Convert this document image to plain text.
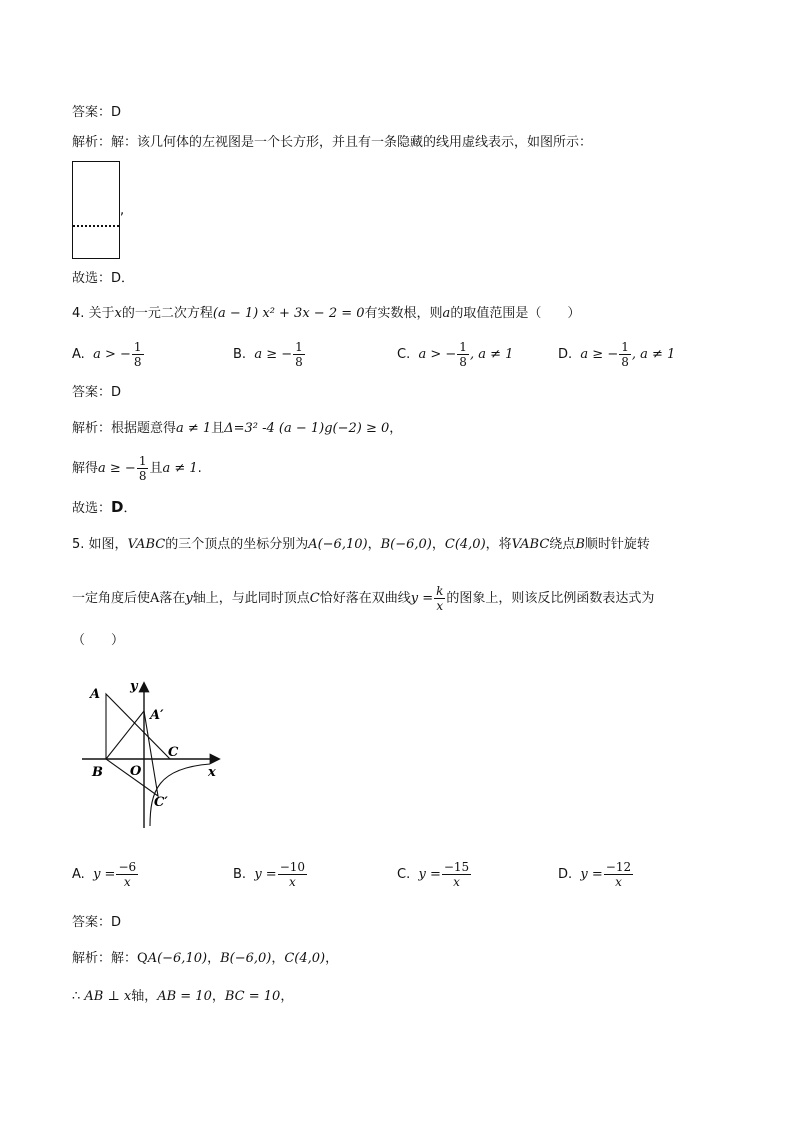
答案：D
解析：解：该几何体的左视图是一个长方形，并且有一条隐藏的线用虚线表示，如图所示：
,
故选：D．
4. 关于x的一元二次方程(a − 1) x² + 3x − 2 = 0有实数根，则a的取值范围是（　　）
A. a > − $\frac{1}{8}$	B. a ≥ − $\frac{1}{8}$	C. a > − $\frac{1}{8}$ , a ≠ 1	D. a ≥ − $\frac{1}{8}$ , a ≠ 1
答案：D
解析：根据题意得a ≠ 1且Δ=3² -4 (a − 1)g(−2) ≥ 0，
解得a ≥ − $\frac{1}{8}$ 且a ≠ 1.
故选：D．
5. 如图，VABC的三个顶点的坐标分别为A(−6,10)，B(−6,0)，C(4,0)，将VABC绕点B顺时针旋转
一定角度后使A落在y轴上，与此同时顶点C恰好落在双曲线$y = \frac{k}{x}$ 的图象上，则该反比例函数表达式为
（　　）
A
y
A′
C
B O	x
C′
A. $y = \frac{-6}{x}$	B. $y = \frac{-10}{x}$	C. $y = \frac{-15}{x}$	D. $y = \frac{-12}{x}$
答案：D
解析：解：QA(−6,10)，B(−6,0)，C(4,0)，
∴ AB ⊥ x轴，AB = 10，BC = 10，
